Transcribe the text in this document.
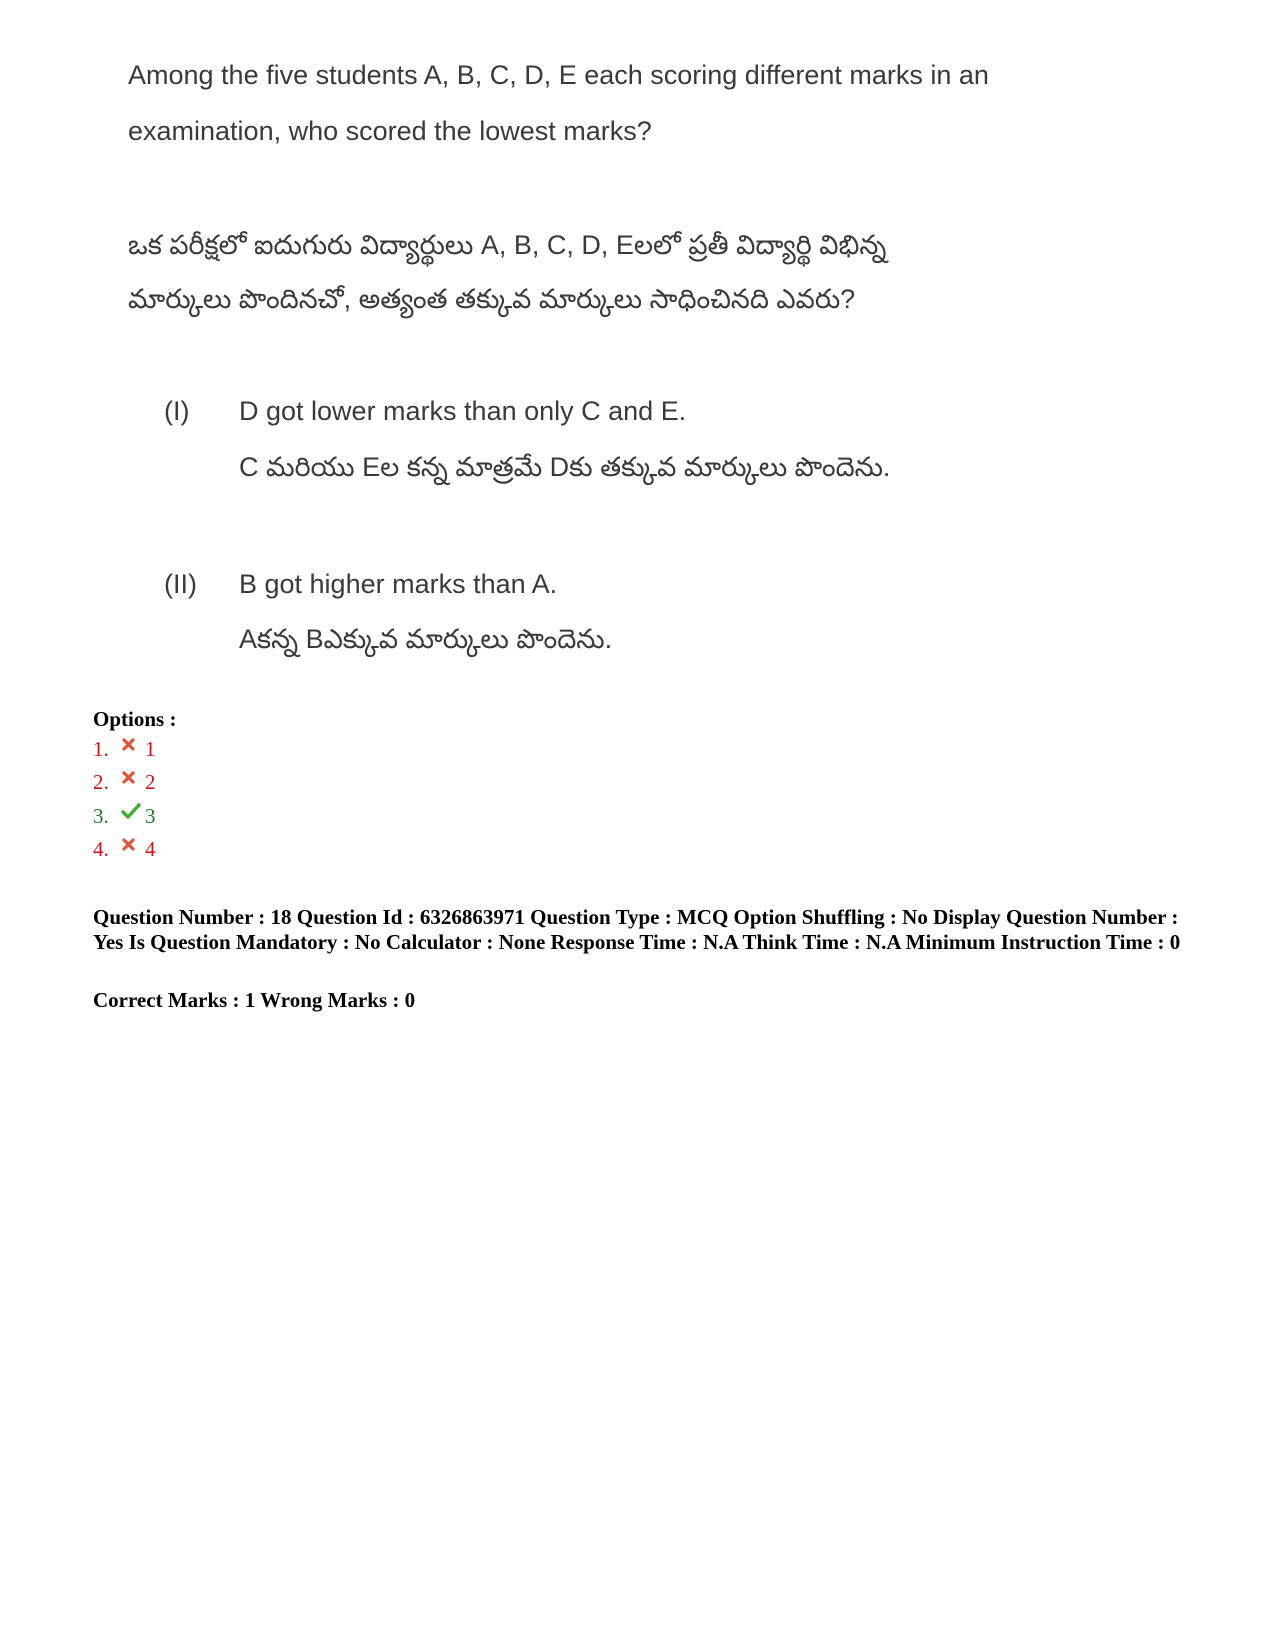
Among the five students A, B, C, D, E each scoring different marks in an
examination, who scored the lowest marks?
ఒక పరీక్షలో ఐదుగురు విద్యార్థులు A, B, C, D, Eలలో ప్రతీ విద్యార్థి విభిన్న
మార్కులు పొందినచో, అత్యంత తక్కువ మార్కులు సాధించినది ఎవరు?
(I) D got lower marks than only C and E.
C మరియు Eల కన్న మాత్రమే Dకు తక్కువ మార్కులు పొందెను.
(II) B got higher marks than A.
Aకన్న Bఎక్కువ మార్కులు పొందెను.
Options :
1.	1
2.	2
3.	3
4.	4
Question Number : 18 Question Id : 6326863971 Question Type : MCQ Option Shuffling : No Display Question Number : Yes Is Question Mandatory : No Calculator : None Response Time : N.A Think Time : N.A Minimum Instruction Time : 0
Correct Marks : 1 Wrong Marks : 0
